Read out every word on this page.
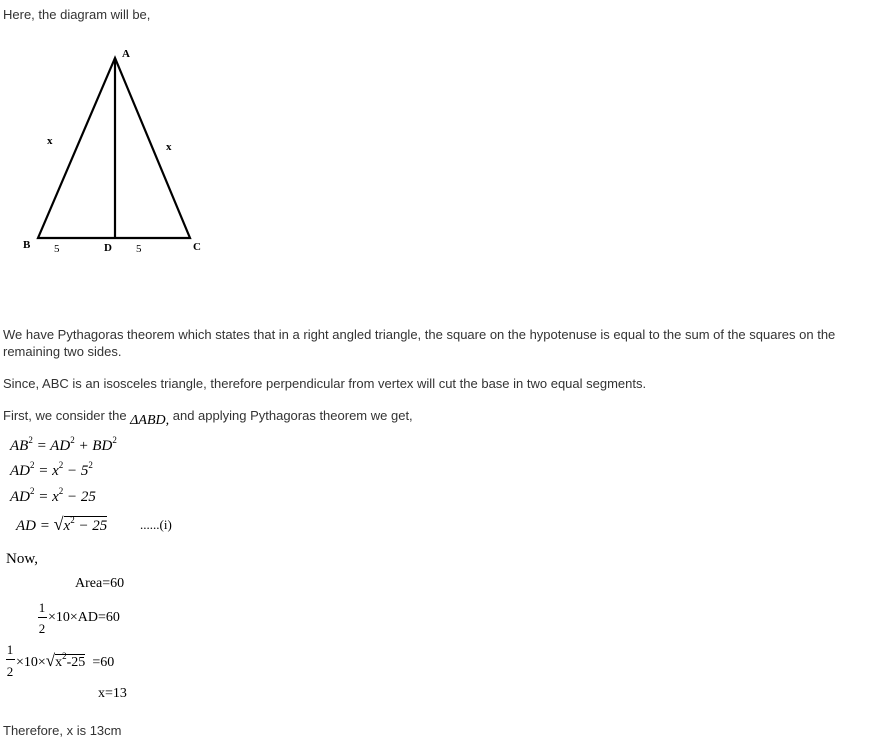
Here, the diagram will be,
A
B	C
D
x	x
5	5
We have Pythagoras theorem which states that in a right angled triangle, the square on the hypotenuse is equal to the sum of the squares on the remaining two sides.
Since, ABC is an isosceles triangle, therefore perpendicular from vertex will cut the base in two equal segments.
First, we consider the ΔABD, and applying Pythagoras theorem we get,
$AB^2 = AD^2 + BD^2$
$AD^2 = x^2 - 5^2$
$AD^2 = x^2 - 25$
AD = $√x^2 - 25$	......(i)
Now,
Area=60
1
2
×10×AD=60
1
2
$\times 10\times√x^2-25 =60$
x=13
Therefore, x is 13cm
